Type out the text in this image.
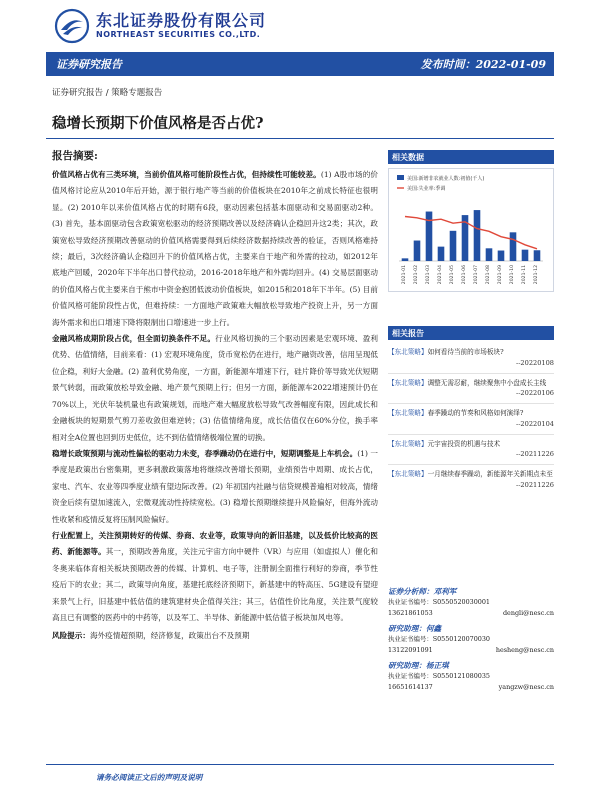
东北证券股份有限公司
NORTHEAST SECURITIES CO.,LTD.
证券研究报告	发布时间：2022-01-09
证券研究报告 / 策略专题报告
稳增长预期下价值风格是否占优?
报告摘要:
价值风格占优有三类环境，当前价值风格可能阶段性占优，但持续性可能较差。(1) A股市场的价值风格讨论应从2010年后开始，源于银行地产等当前的价值板块在2010年之前成长特征也很明显。(2) 2010年以来价值风格占优的时期有6段，驱动因素包括基本面驱动和交易面驱动2种。(3) 首先，基本面驱动包含政策宽松驱动的经济预期改善以及经济确认企稳回升这2类；其次，政策宽松导致经济预期改善驱动的价值风格需要得到后续经济数据持续改善的验证，否则风格难持续；最后，3次经济确认企稳回升下的价值风格占优，主要来自于地产和外需的拉动，如2012年底地产回暖，2020年下半年出口替代拉动，2016-2018年地产和外需均回升。(4) 交易层面驱动的价值风格占优主要来自于熊市中资金抱团低波动价值板块，如2015和2018年下半年。(5) 目前价值风格可能阶段性占优，但难持续：一方面地产政策难大幅放松导致地产投资上升，另一方面海外需求和出口增速下降将限制出口增速进一步上行。
金融风格成期阶段占优，但全面切换条件不足。行业风格切换的三个驱动因素是宏观环境、盈利优势、估值情绪，目前来看：(1) 宏观环境角度，货币宽松仍在进行，地产融资改善，信用呈现低位企稳，利好大金融。(2) 盈利优势角度，一方面，新能源车增速下行，硅片降价等导致光伏短期景气转弱，而政策放松导致金融、地产景气预期上行；但另一方面，新能源车2022增速预计仍在70%以上，光伏年装机量也有政策规划，而地产难大幅度放松导致气改善幅度有限，因此成长和金融板块的短期景气剪刀差收敛但难逆转；(3) 估值情绪角度，成长估值仅在60%分位，换手率相对全A位置也回到历史低位，达不到估值情绪极端位置的切换。
稳增长政策预期与流动性偏松的驱动力未变，春季躁动仍在进行中，短期调整是上车机会。(1) 一季度是政策出台密集期，更多刺激政策落地将继续改善增长预期，业绩预告中周期、成长占优，家电、汽车、农业等四季度业绩有望边际改善。(2) 年初国内社融与信贷规模普遍相对较高，情绪资金后续有望加速流入，宏微观流动性持续宽松。(3) 稳增长预期继续提升风险偏好，但海外流动性收紧和疫情反复将压制风险偏好。
行业配置上，关注预期转好的传媒、券商、农业等，政策导向的新旧基建，以及低价比较高的医药、新能源等。其一，预期改善角度，关注元宇宙方向中硬件（VR）与应用（如虚拟人）催化和冬奥来临体育相关板块预期改善的传媒、计算机、电子等，注册制全面推行利好的券商，季节性疫后下的农业；其二，政策导向角度，基建托底经济预期下，新基建中的特高压、5G建设有望迎来景气上行，旧基建中低估值的建筑建材央企值得关注；其三，估值性价比角度，关注景气度较高且已有调整的医药中的中药等，以及军工、半导体、新能源中低估值子板块加风电等。
风险提示：海外疫情超预期，经济修复，政策出台不及预期
相关数据
美国:新增非农就业人数:初值(千人)
美国:失业率:季调
2021-01 2021-02 2021-03 2021-04 2021-05 2021-06 2021-07 2021-08 2021-09 2021-10 2021-11 2021-12
相关报告
【东北策略】如何看待当前的市场板块?
--20220108
【东北策略】调整无需忍耐，继续聚焦中小盘成长主线
--20220106
【东北策略】春季躁动的节奏和风格如何演绎?
--20220104
【东北策略】元宇宙投资的机遇与技术
--20211226
【东北策略】一月继续春季躁动，新能源年关新期点未至
--20211226
证券分析师：邓利军
执业证书编号：S0550520030001
13621861053	dengli@nesc.cn
研究助理：何鑫
执业证书编号：S0550120070030
13122091091	hesheng@nesc.cn
研究助理：杨正琪
执业证书编号：S0550121080035
16651614137	yangzw@nesc.cn
请务必阅读正文后的声明及说明
